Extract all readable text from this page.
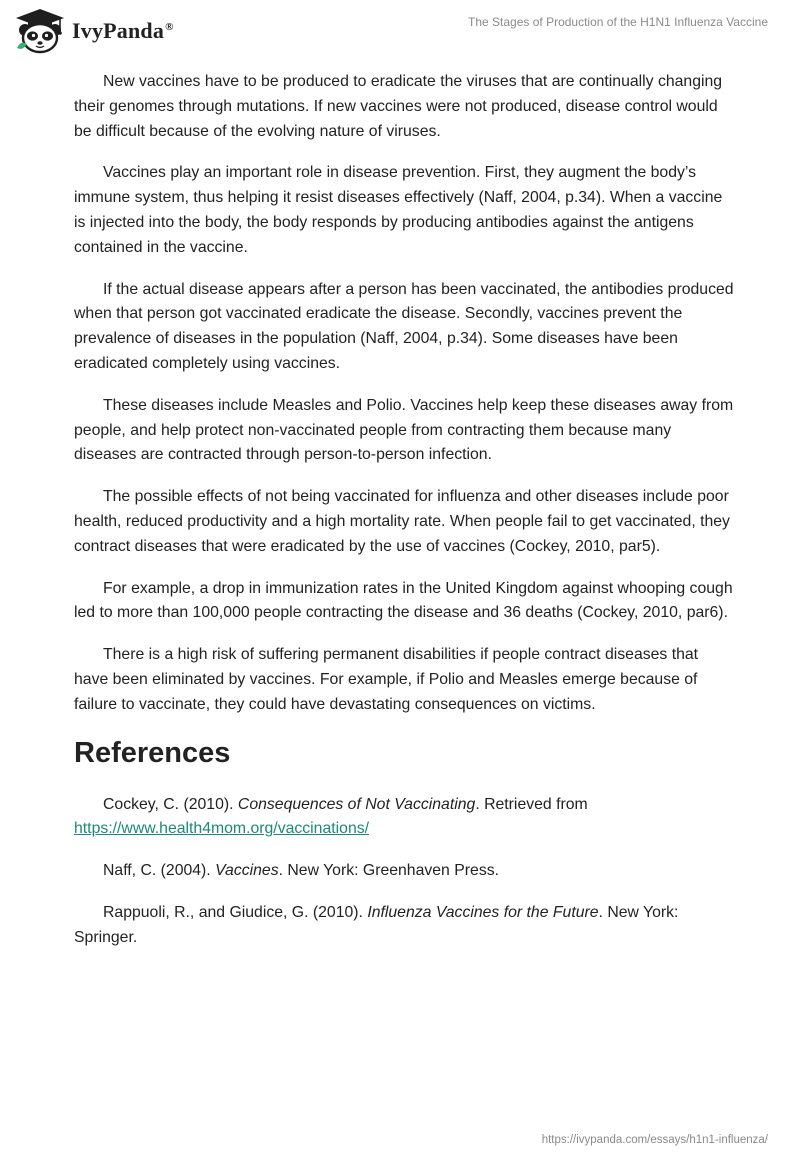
IvyPanda®	The Stages of Production of the H1N1 Influenza Vaccine

New vaccines have to be produced to eradicate the viruses that are continually changing their genomes through mutations. If new vaccines were not produced, disease control would be difficult because of the evolving nature of viruses.

Vaccines play an important role in disease prevention. First, they augment the body’s immune system, thus helping it resist diseases effectively (Naff, 2004, p.34). When a vaccine is injected into the body, the body responds by producing antibodies against the antigens contained in the vaccine.

If the actual disease appears after a person has been vaccinated, the antibodies produced when that person got vaccinated eradicate the disease. Secondly, vaccines prevent the prevalence of diseases in the population (Naff, 2004, p.34). Some diseases have been eradicated completely using vaccines.

These diseases include Measles and Polio. Vaccines help keep these diseases away from people, and help protect non-vaccinated people from contracting them because many diseases are contracted through person-to-person infection.

The possible effects of not being vaccinated for influenza and other diseases include poor health, reduced productivity and a high mortality rate. When people fail to get vaccinated, they contract diseases that were eradicated by the use of vaccines (Cockey, 2010, par5).

For example, a drop in immunization rates in the United Kingdom against whooping cough led to more than 100,000 people contracting the disease and 36 deaths (Cockey, 2010, par6).

There is a high risk of suffering permanent disabilities if people contract diseases that have been eliminated by vaccines. For example, if Polio and Measles emerge because of failure to vaccinate, they could have devastating consequences on victims.

References

Cockey, C. (2010). Consequences of Not Vaccinating. Retrieved from https://www.health4mom.org/vaccinations/

Naff, C. (2004). Vaccines. New York: Greenhaven Press.

Rappuoli, R., and Giudice, G. (2010). Influenza Vaccines for the Future. New York: Springer.

https://ivypanda.com/essays/h1n1-influenza/
